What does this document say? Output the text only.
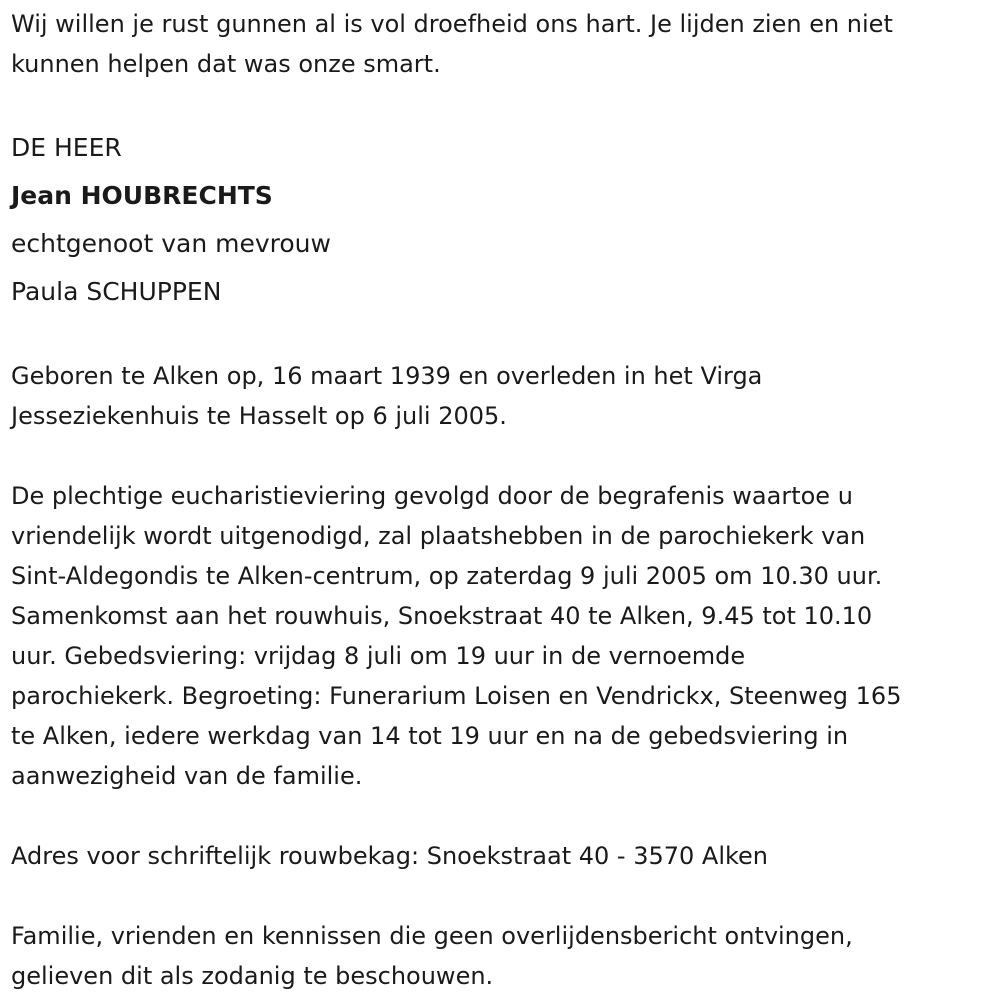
Wij willen je rust gunnen al is vol droefheid ons hart. Je lijden zien en niet
kunnen helpen dat was onze smart.
DE HEER
Jean HOUBRECHTS
echtgenoot van mevrouw
Paula SCHUPPEN
Geboren te Alken op, 16 maart 1939 en overleden in het Virga
Jesseziekenhuis te Hasselt op 6 juli 2005.
De plechtige eucharistieviering gevolgd door de begrafenis waartoe u
vriendelijk wordt uitgenodigd, zal plaatshebben in de parochiekerk van
Sint-Aldegondis te Alken-centrum, op zaterdag 9 juli 2005 om 10.30 uur.
Samenkomst aan het rouwhuis, Snoekstraat 40 te Alken, 9.45 tot 10.10
uur. Gebedsviering: vrijdag 8 juli om 19 uur in de vernoemde
parochiekerk. Begroeting: Funerarium Loisen en Vendrickx, Steenweg 165
te Alken, iedere werkdag van 14 tot 19 uur en na de gebedsviering in
aanwezigheid van de familie.
Adres voor schriftelijk rouwbekag: Snoekstraat 40 - 3570 Alken
Familie, vrienden en kennissen die geen overlijdensbericht ontvingen,
gelieven dit als zodanig te beschouwen.
